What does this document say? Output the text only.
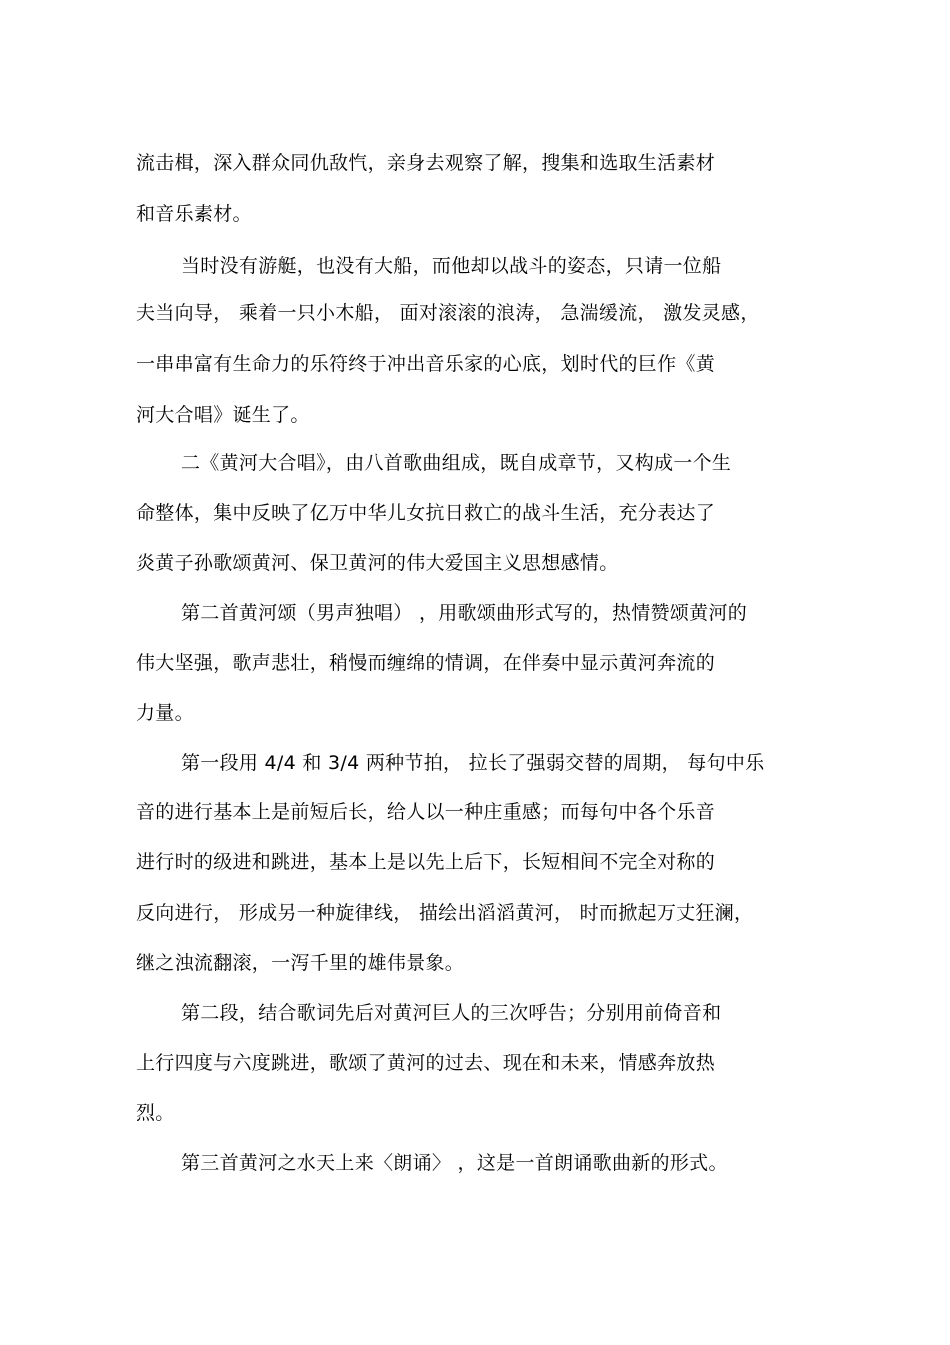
流击楫，深入群众同仇敌忾，亲身去观察了解，搜集和选取生活素材
和音乐素材。
当时没有游艇，也没有大船，而他却以战斗的姿态，只请一位船
夫当向导， 乘着一只小木船， 面对滚滚的浪涛， 急湍缓流， 激发灵感，
一串串富有生命力的乐符终于冲出音乐家的心底，划时代的巨作《黄
河大合唱》诞生了。
二《黄河大合唱》，由八首歌曲组成，既自成章节，又构成一个生
命整体，集中反映了亿万中华儿女抗日救亡的战斗生活，充分表达了
炎黄子孙歌颂黄河、保卫黄河的伟大爱国主义思想感情。
第二首黄河颂（男声独唱） ，用歌颂曲形式写的，热情赞颂黄河的
伟大坚强，歌声悲壮，稍慢而缠绵的情调，在伴奏中显示黄河奔流的
力量。
第一段用 4/4 和 3/4 两种节拍， 拉长了强弱交替的周期， 每句中乐
音的进行基本上是前短后长，给人以一种庄重感；而每句中各个乐音
进行时的级进和跳进，基本上是以先上后下，长短相间不完全对称的
反向进行， 形成另一种旋律线， 描绘出滔滔黄河， 时而掀起万丈狂澜，
继之浊流翻滚，一泻千里的雄伟景象。
第二段，结合歌词先后对黄河巨人的三次呼告；分别用前倚音和
上行四度与六度跳进，歌颂了黄河的过去、现在和未来，情感奔放热
烈。
第三首黄河之水天上来〈朗诵〉 ，这是一首朗诵歌曲新的形式。
